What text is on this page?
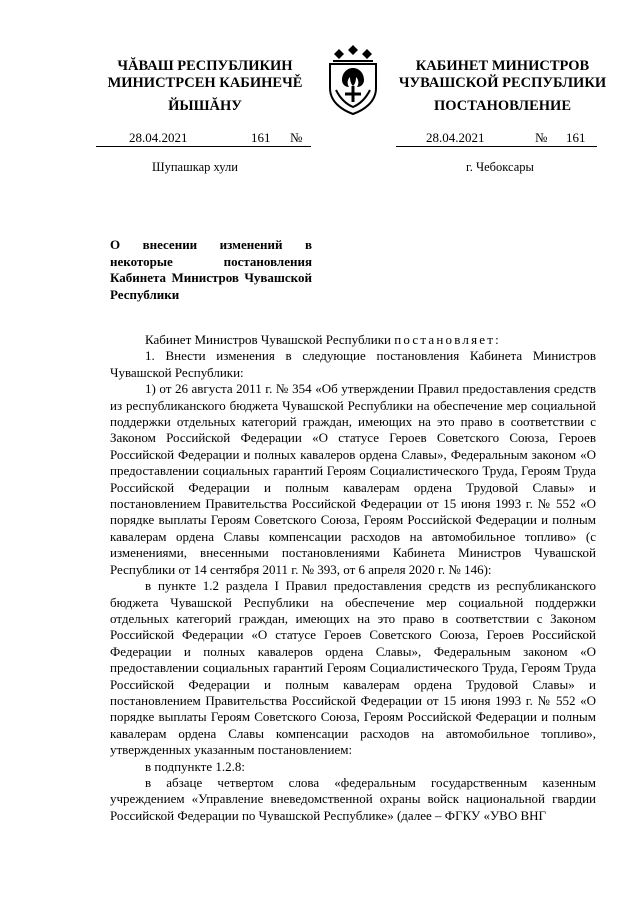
ЧĂВАШ РЕСПУБЛИКИН
МИНИСТРСЕН КАБИНЕЧĚ
КАБИНЕТ МИНИСТРОВ
ЧУВАШСКОЙ РЕСПУБЛИКИ
ЙЫШĂНУ	ПОСТАНОВЛЕНИЕ
28.04.2021	161 №	28.04.2021	№ 161
Шупашкар хули	г. Чебоксары
О внесении изменений в некоторые постановления Кабинета Министров Чувашской Республики

Кабинет Министров Чувашской Республики постановляет:

1. Внести изменения в следующие постановления Кабинета Министров Чувашской Республики:

1) от 26 августа 2011 г. № 354 «Об утверждении Правил предоставления средств из республиканского бюджета Чувашской Республики на обеспечение мер социальной поддержки отдельных категорий граждан, имеющих на это право в соответствии с Законом Российской Федерации «О статусе Героев Советского Союза, Героев Российской Федерации и полных кавалеров ордена Славы», Федеральным законом «О предоставлении социальных гарантий Героям Социалистического Труда, Героям Труда Российской Федерации и полным кавалерам ордена Трудовой Славы» и постановлением Правительства Российской Федерации от 15 июня 1993 г. № 552 «О порядке выплаты Героям Советского Союза, Героям Российской Федерации и полным кавалерам ордена Славы компенсации расходов на автомобильное топливо» (с изменениями, внесенными постановлениями Кабинета Министров Чувашской Республики от 14 сентября 2011 г. № 393, от 6 апреля 2020 г. № 146):

в пункте 1.2 раздела I Правил предоставления средств из республиканского бюджета Чувашской Республики на обеспечение мер социальной поддержки отдельных категорий граждан, имеющих на это право в соответствии с Законом Российской Федерации «О статусе Героев Советского Союза, Героев Российской Федерации и полных кавалеров ордена Славы», Федеральным законом «О предоставлении социальных гарантий Героям Социалистического Труда, Героям Труда Российской Федерации и полным кавалерам ордена Трудовой Славы» и постановлением Правительства Российской Федерации от 15 июня 1993 г. № 552 «О порядке выплаты Героям Советского Союза, Героям Российской Федерации и полным кавалерам ордена Славы компенсации расходов на автомобильное топливо», утвержденных указанным постановлением:

в подпункте 1.2.8:

в абзаце четвертом слова «федеральным государственным казенным учреждением «Управление вневедомственной охраны войск национальной гвардии Российской Федерации по Чувашской Республике» (далее – ФГКУ «УВО ВНГ
